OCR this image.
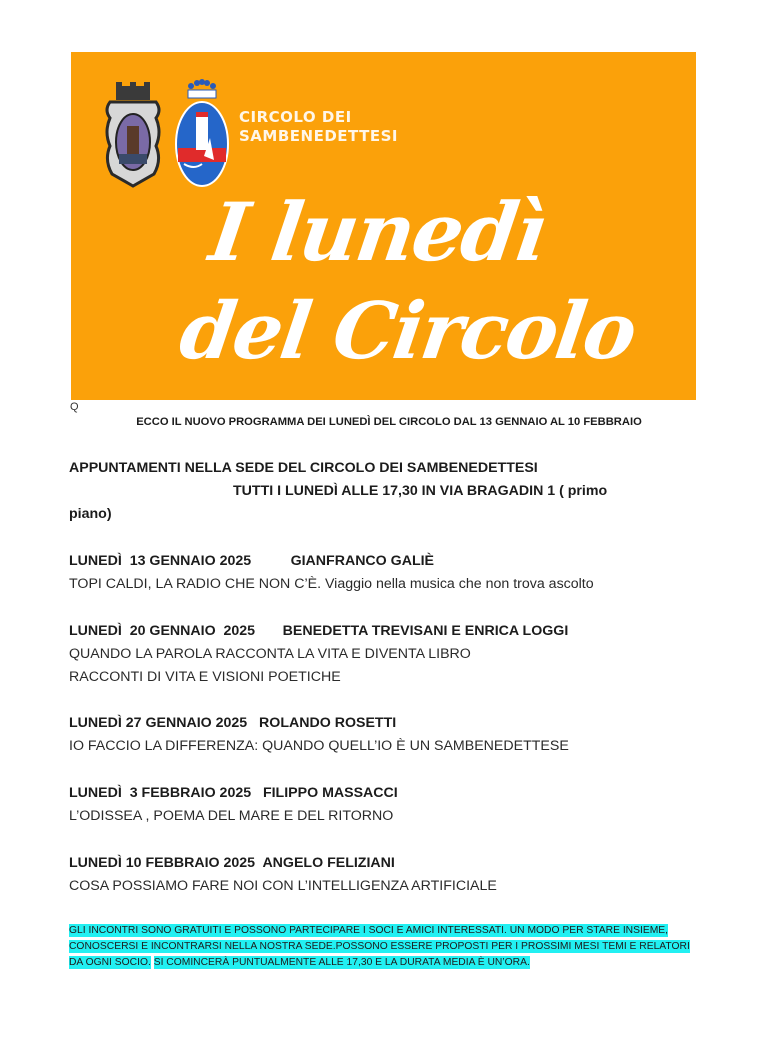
CIRCOLO DEI
SAMBENEDETTESI
I lunedì
del Circolo
Q
ECCO IL NUOVO PROGRAMMA DEI LUNEDÌ DEL CIRCOLO DAL 13 GENNAIO AL 10 FEBBRAIO
APPUNTAMENTI NELLA SEDE DEL CIRCOLO DEI SAMBENEDETTESI
TUTTI I LUNEDÌ ALLE 17,30 IN VIA BRAGADIN 1 ( primo
piano)
LUNEDÌ  13 GENNAIO 2025	GIANFRANCO GALIÈ
TOPI CALDI, LA RADIO CHE NON C’È. Viaggio nella musica che non trova ascolto
LUNEDÌ  20 GENNAIO  2025 BENEDETTA TREVISANI E ENRICA LOGGI
QUANDO LA PAROLA RACCONTA LA VITA E DIVENTA LIBRO
RACCONTI DI VITA E VISIONI POETICHE
LUNEDÌ 27 GENNAIO 2025 ROLANDO ROSETTI
IO FACCIO LA DIFFERENZA: QUANDO QUELL’IO È UN SAMBENEDETTESE
LUNEDÌ  3 FEBBRAIO 2025 FILIPPO MASSACCI
L’ODISSEA , POEMA DEL MARE E DEL RITORNO
LUNEDÌ 10 FEBBRAIO 2025 ANGELO FELIZIANI
COSA POSSIAMO FARE NOI CON L’INTELLIGENZA ARTIFICIALE
GLI INCONTRI SONO GRATUITI E POSSONO PARTECIPARE I SOCI E AMICI INTERESSATI. UN MODO PER STARE INSIEME,
CONOSCERSI E INCONTRARSI NELLA NOSTRA SEDE.POSSONO ESSERE PROPOSTI PER I PROSSIMI MESI TEMI E RELATORI
DA OGNI SOCIO. SI COMINCERÀ PUNTUALMENTE ALLE 17,30 E LA DURATA MEDIA È UN’ORA.
